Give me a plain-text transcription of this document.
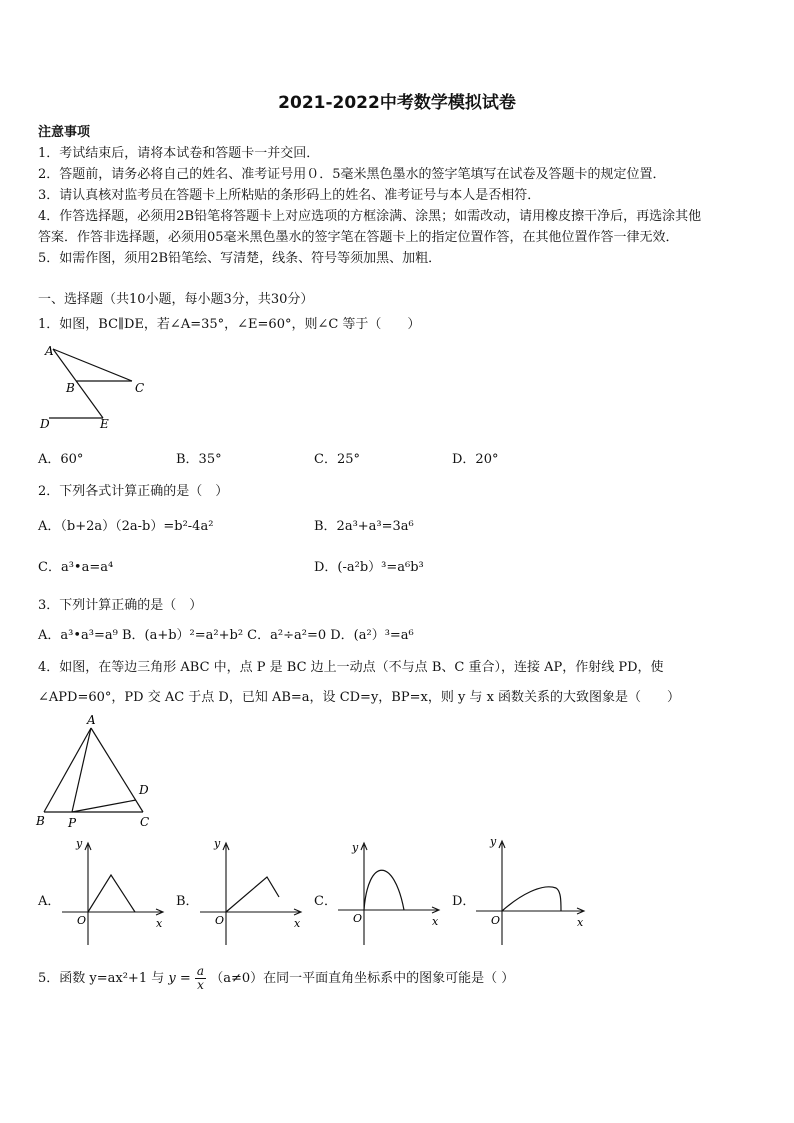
2021-2022中考数学模拟试卷
注意事项
1．考试结束后，请将本试卷和答题卡一并交回．
2．答题前，请务必将自己的姓名、准考证号用０．5毫米黑色墨水的签字笔填写在试卷及答题卡的规定位置．
3．请认真核对监考员在答题卡上所粘贴的条形码上的姓名、准考证号与本人是否相符．
4．作答选择题，必须用2B铅笔将答题卡上对应选项的方框涂满、涂黑；如需改动，请用橡皮擦干净后，再选涂其他
答案．作答非选择题，必须用05毫米黑色墨水的签字笔在答题卡上的指定位置作答，在其他位置作答一律无效．
5．如需作图，须用2B铅笔绘、写清楚，线条、符号等须加黑、加粗．
一、选择题（共10小题，每小题3分，共30分）
1．如图，BC∥DE，若∠A=35°，∠E=60°，则∠C 等于（　　）
A
B	C
D	E
A．60°	B．35°	C．25°	D．20°
2．下列各式计算正确的是（　）
A．（b+2a）（2a-b）=b²-4a²	B．2a³+a³=3a⁶
C．a³•a=a⁴	D．(-a²b）³=a⁶b³
3．下列计算正确的是（　）
A．a³•a³=a⁹ B．(a+b）²=a²+b² C．a²÷a²=0 D．(a²）³=a⁶
4．如图，在等边三角形 ABC 中，点 P 是 BC 边上一动点（不与点 B、C 重合），连接 AP，作射线 PD，使
∠APD=60°，PD 交 AC 于点 D，已知 AB=a，设 CD=y，BP=x，则 y 与 x 函数关系的大致图象是（　　）
A
B P	C
D
A．
y
x
O
B．
y
x
O
C．
y
x
O
D．
y
x
O
5．函数 y=ax²+1 与 $y = \frac{a}{x} (a\ne 0)$在同一平面直角坐标系中的图象可能是（ ）
